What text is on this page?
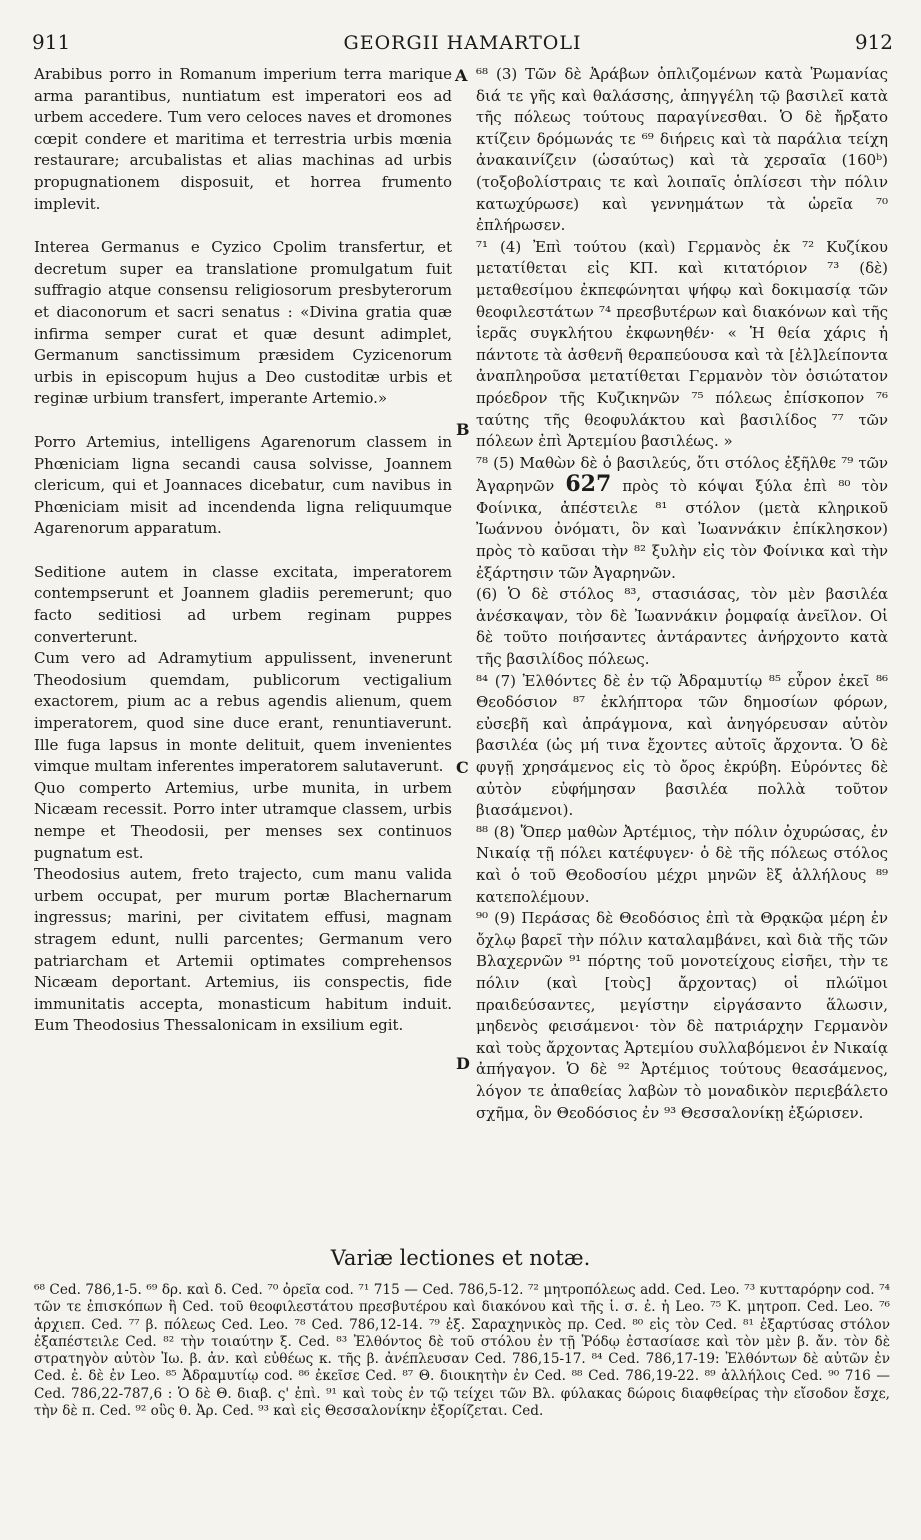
911	GEORGII HAMARTOLI	912

Arabibus porro in Romanum imperium terra marique arma parantibus, nuntiatum est imperatori eos ad urbem accedere. Tum vero celoces naves et dromones cœpit condere et maritima et terrestria urbis mœnia restaurare; arcubalistas et alias machinas ad urbis propugnationem disposuit, et horrea frumento implevit.

Interea Germanus e Cyzico Cpolim transfertur, et decretum super ea translatione promulgatum fuit suffragio atque consensu religiosorum presbyterorum et diaconorum et sacri senatus : «Divina gratia quæ infirma semper curat et quæ desunt adimplet, Germanum sanctissimum præsidem Cyzicenorum urbis in episcopum hujus a Deo custoditæ urbis et reginæ urbium transfert, imperante Artemio.»

Porro Artemius, intelligens Agarenorum classem in Phœniciam ligna secandi causa solvisse, Joannem clericum, qui et Joannaces dicebatur, cum navibus in Phœniciam misit ad incendenda ligna reliquumque Agarenorum apparatum.

Seditione autem in classe excitata, imperatorem contempserunt et Joannem gladiis peremerunt; quo facto seditiosi ad urbem reginam puppes converterunt.

Cum vero ad Adramytium appulissent, invenerunt Theodosium quemdam, publicorum vectigalium exactorem, pium ac a rebus agendis alienum, quem imperatorem, quod sine duce erant, renuntiaverunt. Ille fuga lapsus in monte delituit, quem invenientes vimque multam inferentes imperatorem salutaverunt.

Quo comperto Artemius, urbe munita, in urbem Nicæam recessit. Porro inter utramque classem, urbis nempe et Theodosii, per menses sex continuos pugnatum est.

Theodosius autem, freto trajecto, cum manu valida urbem occupat, per murum portæ Blachernarum ingressus; marini, per civitatem effusi, magnam stragem edunt, nulli parcentes; Germanum vero patriarcham et Artemii optimates comprehensos Nicæam deportant. Artemius, iis conspectis, fide immunitatis accepta, monasticum habitum induit. Eum Theodosius Thessalonicam in exsilium egit.

A
B
C
D

⁶⁸ (3) Τῶν δὲ Ἀράβων ὁπλιζομένων κατὰ Ῥωμανίας διά τε γῆς καὶ θαλάσσης, ἀπηγγέλη τῷ βασιλεῖ κατὰ τῆς πόλεως τούτους παραγίνεσθαι. Ὁ δὲ ἤρξατο κτίζειν δρόμωνάς τε ⁶⁹ διήρεις καὶ τὰ παράλια τείχη ἀνακαινίζειν (ὡσαύτως) καὶ τὰ χερσαῖα (160ᵇ) (τοξοβολίστραις τε καὶ λοιπαῖς ὁπλίσεσι τὴν πόλιν κατωχύρωσε) καὶ γεννημάτων τὰ ὡρεῖα ⁷⁰ ἐπλήρωσεν.

⁷¹ (4) Ἐπὶ τούτου (καὶ) Γερμανὸς ἐκ ⁷² Κυζίκου μετατίθεται εἰς ΚΠ. καὶ κιτατόριον ⁷³ (δὲ) μεταθεσίμου ἐκπεφώνηται ψήφῳ καὶ δοκιμασίᾳ τῶν θεοφιλεστάτων ⁷⁴ πρεσβυτέρων καὶ διακόνων καὶ τῆς ἱερᾶς συγκλήτου ἐκφωνηθέν· « Ἡ θεία χάρις ἡ πάντοτε τὰ ἀσθενῆ θεραπεύουσα καὶ τὰ [ἐλ]λείποντα ἀναπληροῦσα μετατίθεται Γερμανὸν τὸν ὁσιώτατον πρόεδρον τῆς Κυζικηνῶν ⁷⁵ πόλεως ἐπίσκοπον ⁷⁶ ταύτης τῆς θεοφυλάκτου καὶ βασιλίδος ⁷⁷ τῶν πόλεων ἐπὶ Ἀρτεμίου βασιλέως. »

⁷⁸ (5) Μαθὼν δὲ ὁ βασιλεύς, ὅτι στόλος ἐξῆλθε ⁷⁹ τῶν Ἀγαρηνῶν 627 πρὸς τὸ κόψαι ξύλα ἐπὶ ⁸⁰ τὸν Φοίνικα, ἀπέστειλε ⁸¹ στόλον (μετὰ κληρικοῦ Ἰωάννου ὀνόματι, ὃν καὶ Ἰωαννάκιν ἐπίκλησκον) πρὸς τὸ καῦσαι τὴν ⁸² ξυλὴν εἰς τὸν Φοίνικα καὶ τὴν ἐξάρτησιν τῶν Ἀγαρηνῶν.

(6) Ὁ δὲ στόλος ⁸³, στασιάσας, τὸν μὲν βασιλέα ἀνέσκαψαν, τὸν δὲ Ἰωαννάκιν ῥομφαίᾳ ἀνεῖλον. Οἱ δὲ τοῦτο ποιήσαντες ἀντάραντες ἀνήρχοντο κατὰ τῆς βασιλίδος πόλεως.

⁸⁴ (7) Ἐλθόντες δὲ ἐν τῷ Ἀδραμυτίῳ ⁸⁵ εὗρον ἐκεῖ ⁸⁶ Θεοδόσιον ⁸⁷ ἐκλήπτορα τῶν δημοσίων φόρων, εὐσεβῆ καὶ ἀπράγμονα, καὶ ἀνηγόρευσαν αὐτὸν βασιλέα (ὡς μή τινα ἔχοντες αὐτοῖς ἄρχοντα. Ὁ δὲ φυγῇ χρησάμενος εἰς τὸ ὄρος ἐκρύβη. Εὑρόντες δὲ αὐτὸν εὐφήμησαν βασιλέα πολλὰ τοῦτον βιασάμενοι).

⁸⁸ (8) Ὅπερ μαθὼν Ἀρτέμιος, τὴν πόλιν ὀχυρώσας, ἐν Νικαίᾳ τῇ πόλει κατέφυγεν· ὁ δὲ τῆς πόλεως στόλος καὶ ὁ τοῦ Θεοδοσίου μέχρι μηνῶν ἓξ ἀλλήλους ⁸⁹ κατεπολέμουν.

⁹⁰ (9) Περάσας δὲ Θεοδόσιος ἐπὶ τὰ Θρᾳκῷα μέρη ἐν ὄχλῳ βαρεῖ τὴν πόλιν καταλαμβάνει, καὶ διὰ τῆς τῶν Βλαχερνῶν ⁹¹ πόρτης τοῦ μονοτείχους εἰσῆει, τὴν τε πόλιν (καὶ [τοὺς] ἄρχοντας) οἱ πλώϊμοι πραιδεύσαντες, μεγίστην εἰργάσαντο ἅλωσιν, μηδενὸς φεισάμενοι· τὸν δὲ πατριάρχην Γερμανὸν καὶ τοὺς ἄρχοντας Ἀρτεμίου συλλαβόμενοι ἐν Νικαίᾳ ἀπήγαγον. Ὁ δὲ ⁹² Ἀρτέμιος τούτους θεασάμενος, λόγον τε ἀπαθείας λαβὼν τὸ μοναδικὸν περιεβάλετο σχῆμα, ὃν Θεοδόσιος ἐν ⁹³ Θεσσαλονίκῃ ἐξώρισεν.

Variæ lectiones et notæ.
⁶⁸ Ced. 786,1-5. ⁶⁹ δρ. καὶ δ. Ced. ⁷⁰ ὀρεῖα cod. ⁷¹ 715 — Ced. 786,5-12. ⁷² μητροπόλεως add. Ced. Leo. ⁷³ κυτταρόρην cod. ⁷⁴ τῶν τε ἐπισκόπων ἢ Ced. τοῦ θεοφιλεστάτου πρεσβυτέρου καὶ διακόνου καὶ τῆς ἱ. σ. ἐ. ἡ Leo. ⁷⁵ Κ. μητροπ. Ced. Leo. ⁷⁶ ἀρχιεπ. Ced. ⁷⁷ β. πόλεως Ced. Leo. ⁷⁸ Ced. 786,12-14. ⁷⁹ ἐξ. Σαραχηνικὸς πρ. Ced. ⁸⁰ εἰς τὸν Ced. ⁸¹ ἐξαρτύσας στόλον ἐξαπέστειλε Ced. ⁸² τὴν τοιαύτην ξ. Ced. ⁸³ Ἐλθόντος δὲ τοῦ στόλου ἐν τῇ Ῥόδῳ ἐστασίασε καὶ τὸν μὲν β. ἄν. τὸν δὲ στρατηγὸν αὐτὸν Ἰω. β. ἀν. καὶ εὐθέως κ. τῆς β. ἀνέπλευσαν Ced. 786,15-17. ⁸⁴ Ced. 786,17-19: Ἐλθόντων δὲ αὐτῶν ἐν Ced. ἐ. δὲ ἐν Leo. ⁸⁵ Ἀδραμυτίῳ cod. ⁸⁶ ἐκεῖσε Ced. ⁸⁷ Θ. διοικητὴν ἐν Ced. ⁸⁸ Ced. 786,19-22. ⁸⁹ ἀλλήλοις Ced. ⁹⁰ 716 — Ced. 786,22-787,6 : Ὁ δὲ Θ. διαβ. ς' ἐπὶ. ⁹¹ καὶ τοὺς ἐν τῷ τείχει τῶν Βλ. φύλακας δώροις διαφθείρας τὴν εἴσοδον ἔσχε, τὴν δὲ π. Ced. ⁹² οὓς θ. Ἀρ. Ced. ⁹³ καὶ εἰς Θεσσαλονίκην ἐξορίζεται. Ced.
